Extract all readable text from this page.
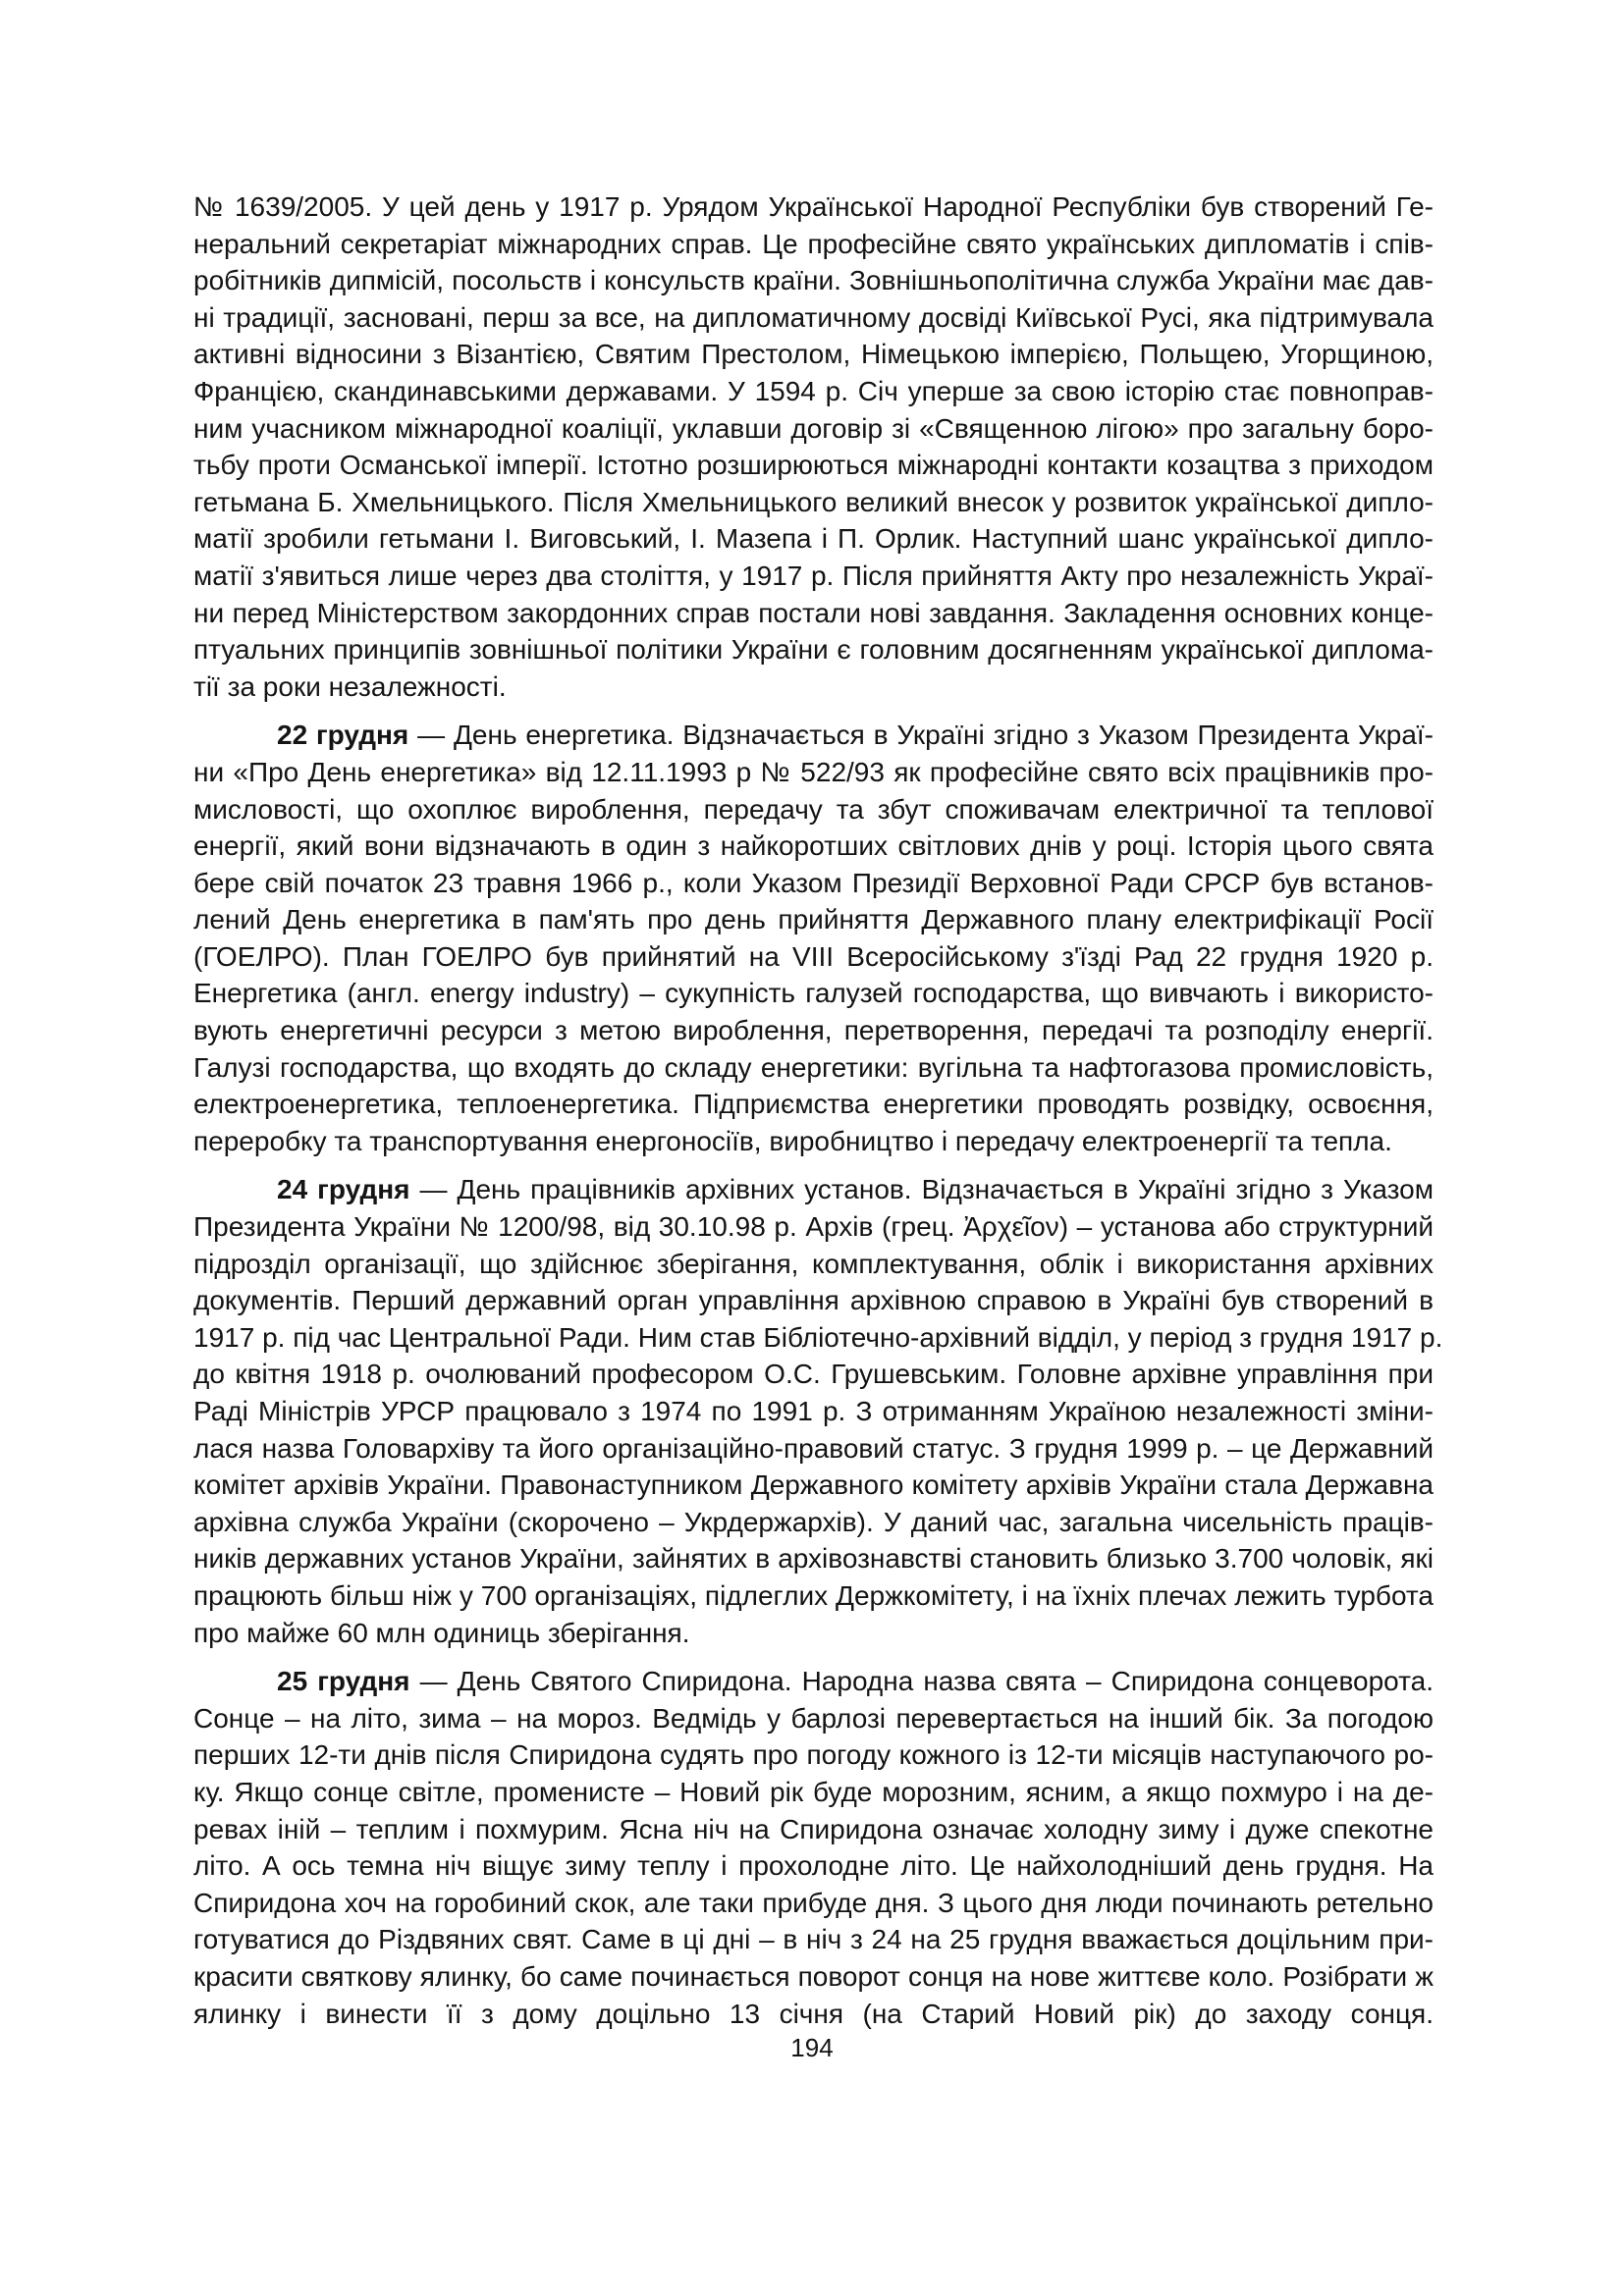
№ 1639/2005. У цей день у 1917 р. Урядом Української Народної Республіки був створений Ге-
неральний секретаріат міжнародних справ. Це професійне свято українських дипломатів і спів-
робітників дипмісій, посольств і консульств країни. Зовнішньополітична служба України має дав-
ні традиції, засновані, перш за все, на дипломатичному досвіді Київської Русі, яка підтримувала
активні відносини з Візантією, Святим Престолом, Німецькою імперією, Польщею, Угорщиною,
Францією, скандинавськими державами. У 1594 р. Січ уперше за свою історію стає повноправ-
ним учасником міжнародної коаліції, уклавши договір зі «Священною лігою» про загальну боро-
тьбу проти Османської імперії. Істотно розширюються міжнародні контакти козацтва з приходом
гетьмана Б. Хмельницького. Після Хмельницького великий внесок у розвиток української дипло-
матії зробили гетьмани І. Виговський, І. Мазепа і П. Орлик. Наступний шанс української дипло-
матії з'явиться лише через два століття, у 1917 р. Після прийняття Акту про незалежність Украї-
ни перед Міністерством закордонних справ постали нові завдання. Закладення основних конце-
птуальних принципів зовнішньої політики України є головним досягненням української диплома-
тії за роки незалежності.
22 грудня — День енергетика. Відзначається в Україні згідно з Указом Президента Украї-
ни «Про День енергетика» від 12.11.1993 р № 522/93 як професійне свято всіх працівників про-
мисловості, що охоплює вироблення, передачу та збут споживачам електричної та теплової
енергії, який вони відзначають в один з найкоротших світлових днів у році. Історія цього свята
бере свій початок 23 травня 1966 р., коли Указом Президії Верховної Ради СРСР був встанов-
лений День енергетика в пам'ять про день прийняття Державного плану електрифікації Росії
(ГОЕЛРО). План ГОЕЛРО був прийнятий на VIII Всеросійському з'їзді Рад 22 грудня 1920 р.
Енергетика (англ. energy industry) – сукупність галузей господарства, що вивчають і використо-
вують енергетичні ресурси з метою вироблення, перетворення, передачі та розподілу енергії.
Галузі господарства, що входять до складу енергетики: вугільна та нафтогазова промисловість,
електроенергетика, теплоенергетика. Підприємства енергетики проводять розвідку, освоєння,
переробку та транспортування енергоносіїв, виробництво і передачу електроенергії та тепла.
24 грудня — День працівників архівних установ. Відзначається в Україні згідно з Указом
Президента України № 1200/98, від 30.10.98 р. Архів (грец. Ἀρχεῖον) – установа або структурний
підрозділ організації, що здійснює зберігання, комплектування, облік і використання архівних
документів. Перший державний орган управління архівною справою в Україні був створений в
1917 р. під час Центральної Ради. Ним став Бібліотечно-архівний відділ, у період з грудня 1917 р.
до квітня 1918 р. очолюваний професором О.С. Грушевським. Головне архівне управління при
Раді Міністрів УРСР працювало з 1974 по 1991 р. З отриманням Україною незалежності зміни-
лася назва Головархіву та його організаційно-правовий статус. З грудня 1999 р. – це Державний
комітет архівів України. Правонаступником Державного комітету архівів України стала Державна
архівна служба України (скорочено – Укрдержархів). У даний час, загальна чисельність праців-
ників державних установ України, зайнятих в архівознавстві становить близько 3.700 чоловік, які
працюють більш ніж у 700 організаціях, підлеглих Держкомітету, і на їхніх плечах лежить турбота
про майже 60 млн одиниць зберігання.
25 грудня — День Святого Спиридона. Народна назва свята – Спиридона сонцеворота.
Сонце – на літо, зима – на мороз. Ведмідь у барлозі перевертається на інший бік. За погодою
перших 12-ти днів після Спиридона судять про погоду кожного із 12-ти місяців наступаючого ро-
ку. Якщо сонце світле, променисте – Новий рік буде морозним, ясним, а якщо похмуро і на де-
ревах іній – теплим і похмурим. Ясна ніч на Спиридона означає холодну зиму і дуже спекотне
літо. А ось темна ніч віщує зиму теплу і прохолодне літо. Це найхолодніший день грудня. На
Спиридона хоч на горобиний скок, але таки прибуде дня. З цього дня люди починають ретельно
готуватися до Різдвяних свят. Саме в ці дні – в ніч з 24 на 25 грудня вважається доцільним при-
красити святкову ялинку, бо саме починається поворот сонця на нове життєве коло. Розібрати ж
ялинку і винести її з дому доцільно 13 січня (на Старий Новий рік) до заходу сонця.
194
